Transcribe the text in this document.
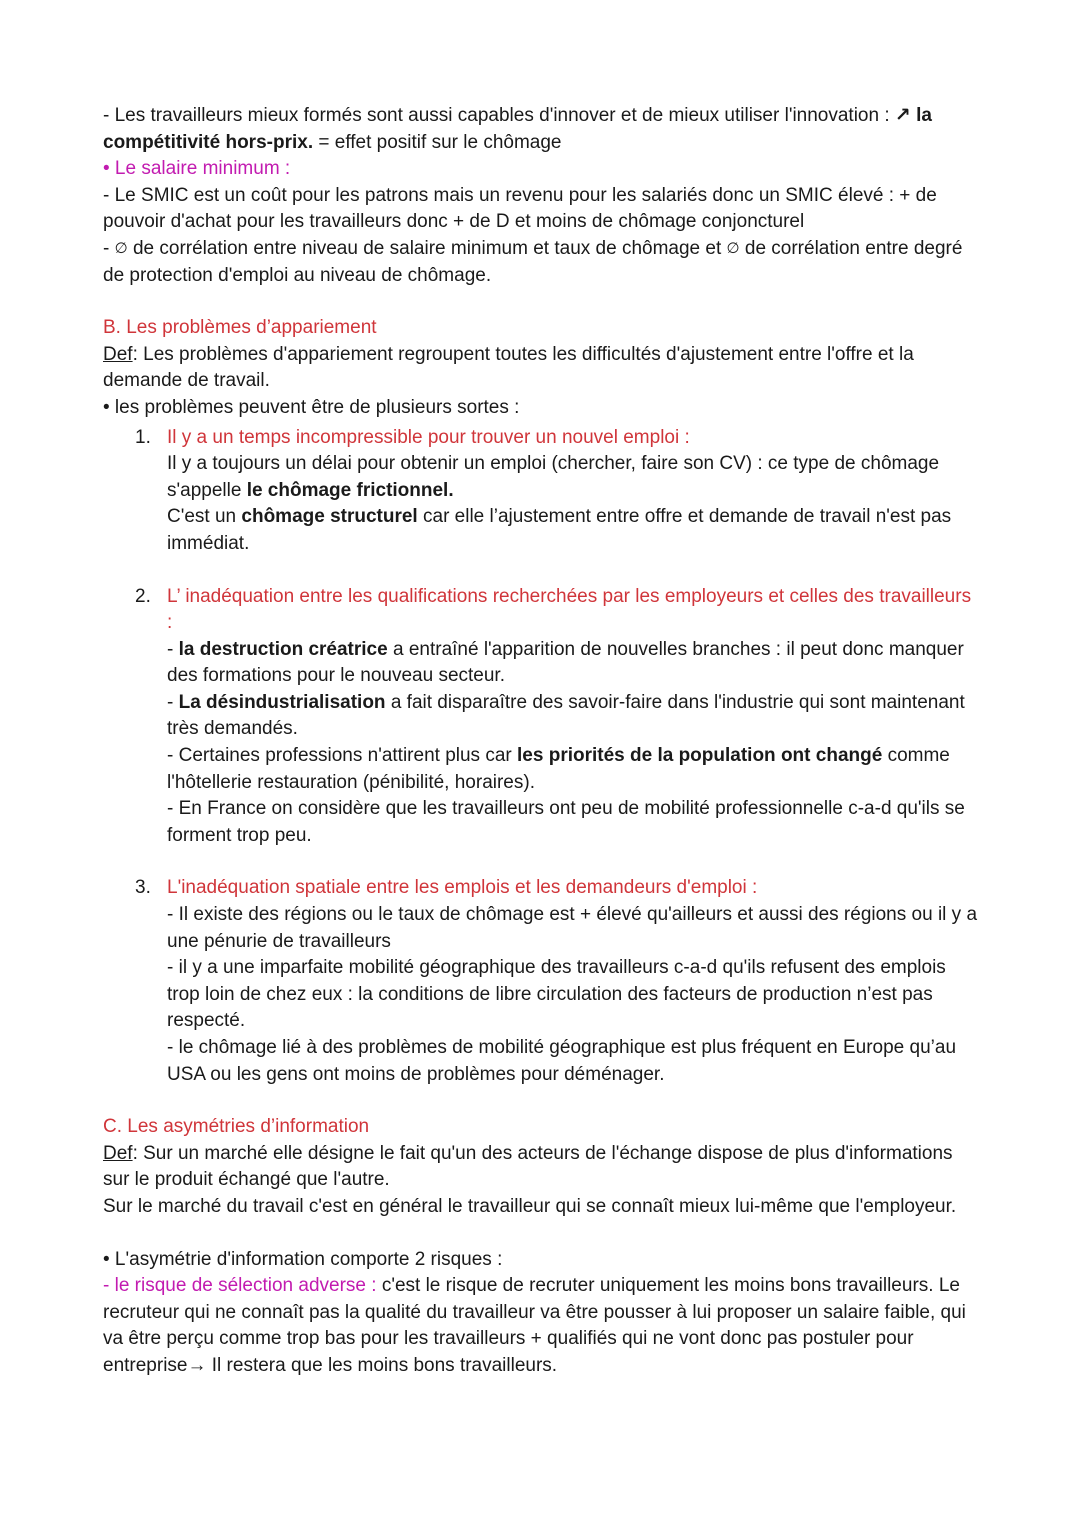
- Les travailleurs mieux formés sont aussi capables d'innover et de mieux utiliser l'innovation : ↗ la compétitivité hors-prix. = effet positif sur le chômage

• Le salaire minimum :

- Le SMIC est un coût pour les patrons mais un revenu pour les salariés donc un SMIC élevé : + de pouvoir d'achat pour les travailleurs donc + de D et moins de chômage conjoncturel

- ∅ de corrélation entre niveau de salaire minimum et taux de chômage et ∅ de corrélation entre degré de protection d'emploi au niveau de chômage.

B. Les problèmes d’appariement

Def: Les problèmes d'appariement regroupent toutes les difficultés d'ajustement entre l'offre et la demande de travail.

• les problèmes peuvent être de plusieurs sortes :

1. Il y a un temps incompressible pour trouver un nouvel emploi :

Il y a toujours un délai pour obtenir un emploi (chercher, faire son CV) : ce type de chômage s'appelle le chômage frictionnel.

C'est un chômage structurel car elle l’ajustement entre offre et demande de travail n'est pas immédiat.

2. L’ inadéquation entre les qualifications recherchées par les employeurs et celles des travailleurs :

- la destruction créatrice a entraîné l'apparition de nouvelles branches : il peut donc manquer des formations pour le nouveau secteur.

- La désindustrialisation a fait disparaître des savoir-faire dans l'industrie qui sont maintenant très demandés.

- Certaines professions n'attirent plus car les priorités de la population ont changé comme l'hôtellerie restauration (pénibilité, horaires).

- En France on considère que les travailleurs ont peu de mobilité professionnelle c-a-d qu'ils se forment trop peu.

3. L'inadéquation spatiale entre les emplois et les demandeurs d'emploi :

- Il existe des régions ou le taux de chômage est + élevé qu'ailleurs et aussi des régions ou il y a une pénurie de travailleurs

- il y a une imparfaite mobilité géographique des travailleurs c-a-d qu'ils refusent des emplois trop loin de chez eux : la conditions de libre circulation des facteurs de production n’est pas respecté.

- le chômage lié à des problèmes de mobilité géographique est plus fréquent en Europe qu’au USA ou les gens ont moins de problèmes pour déménager.

C. Les asymétries d’information

Def: Sur un marché elle désigne le fait qu'un des acteurs de l'échange dispose de plus d'informations sur le produit échangé que l'autre.

Sur le marché du travail c'est en général le travailleur qui se connaît mieux lui-même que l'employeur.

• L'asymétrie d'information comporte 2 risques :

- le risque de sélection adverse : c'est le risque de recruter uniquement les moins bons travailleurs. Le recruteur qui ne connaît pas la qualité du travailleur va être pousser à lui proposer un salaire faible, qui va être perçu comme trop bas pour les travailleurs + qualifiés qui ne vont donc pas postuler pour entreprise→ Il restera que les moins bons travailleurs.
